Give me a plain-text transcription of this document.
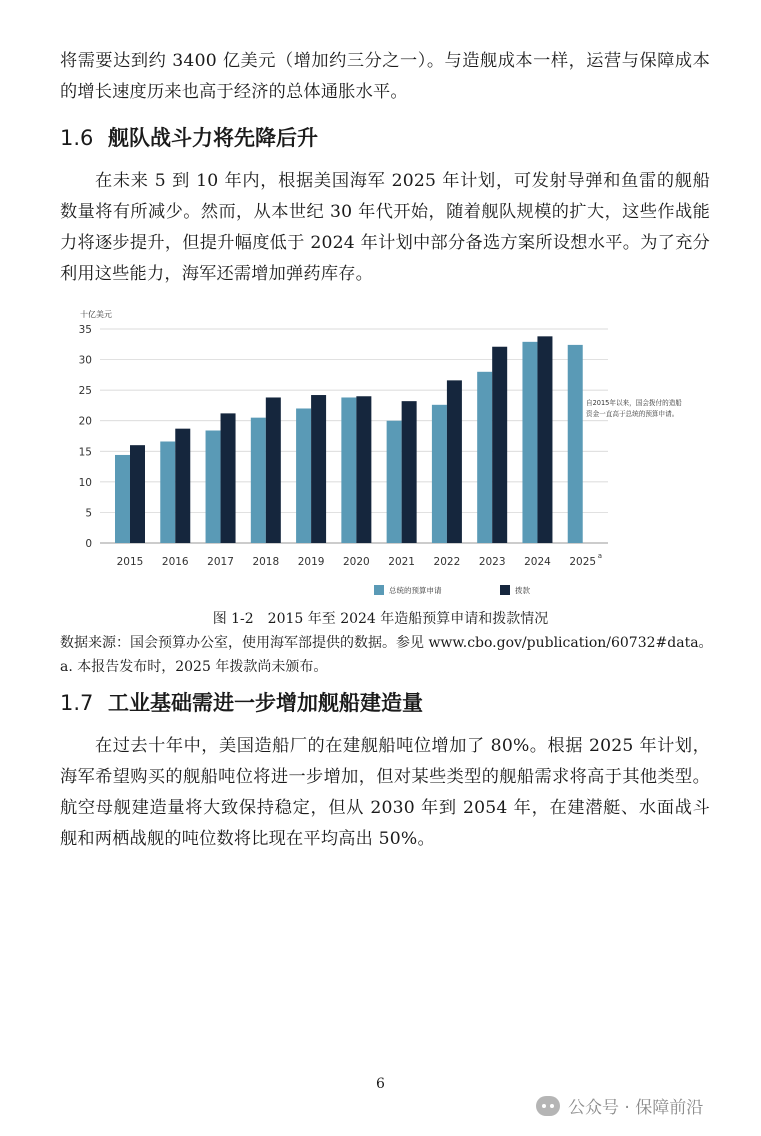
将需要达到约 3400 亿美元（增加约三分之一）。与造舰成本一样，运营与保障成本的增长速度历来也高于经济的总体通胀水平。

1.6 舰队战斗力将先降后升

在未来 5 到 10 年内，根据美国海军 2025 年计划，可发射导弹和鱼雷的舰船数量将有所减少。然而，从本世纪 30 年代开始，随着舰队规模的扩大，这些作战能力将逐步提升，但提升幅度低于 2024 年计划中部分备选方案所设想水平。为了充分利用这些能力，海军还需增加弹药库存。

十亿美元
0
5
10
15
20
25
30
35
2015 2016 2017 2018 2019 2020 2021 2022 2023 2024 2025 a
自2015年以来，国会拨付的造船
资金一直高于总统的预算申请。
总统的预算申请	拨款
图 1-2　2015 年至 2024 年造船预算申请和拨款情况
数据来源：国会预算办公室，使用海军部提供的数据。参见 www.cbo.gov/publication/60732#data。
a. 本报告发布时，2025 年拨款尚未颁布。
1.7 工业基础需进一步增加舰船建造量

在过去十年中，美国造船厂的在建舰船吨位增加了 80%。根据 2025 年计划，海军希望购买的舰船吨位将进一步增加，但对某些类型的舰船需求将高于其他类型。航空母舰建造量将大致保持稳定，但从 2030 年到 2054 年，在建潜艇、水面战斗舰和两栖战舰的吨位数将比现在平均高出 50%。

6
公众号 · 保障前沿
